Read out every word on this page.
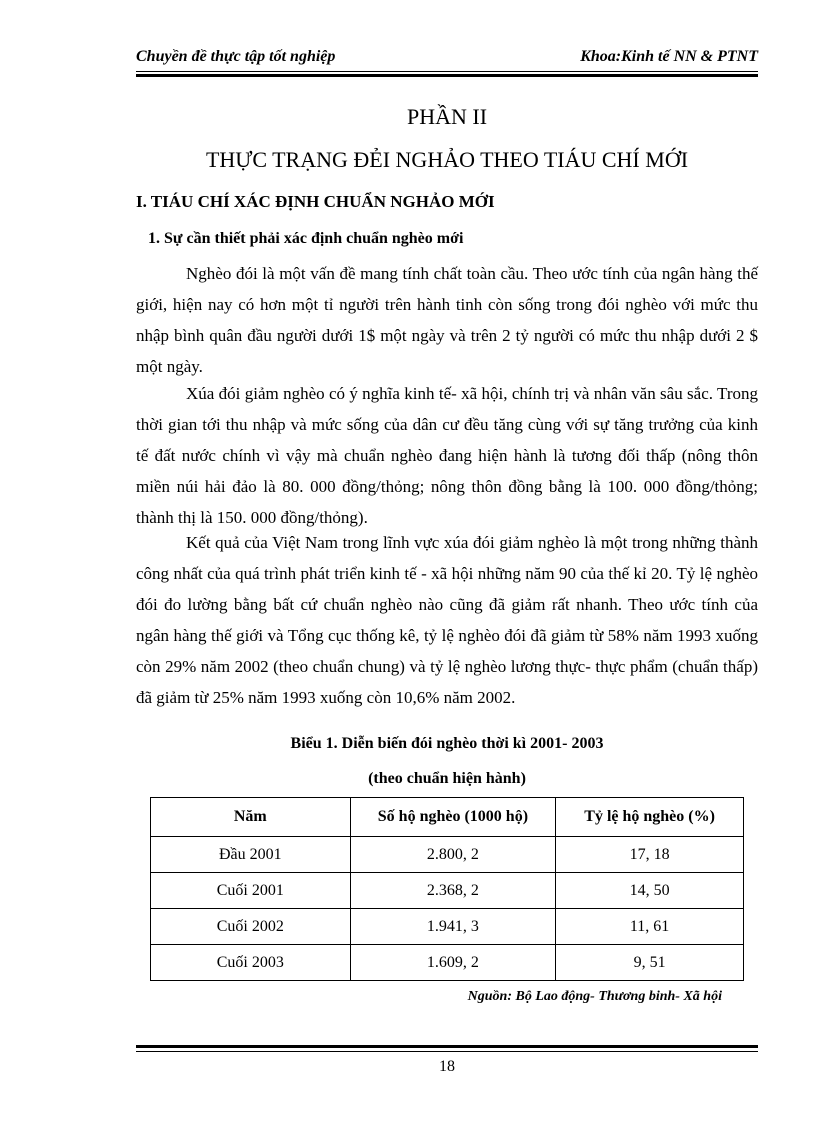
Chuyền đề thực tập tốt nghiệp	Khoa:Kinh tế NN & PTNT
PHẦN II
THỰC TRẠNG ĐẺI NGHẢO THEO TIÁU CHÍ MỚI
I. TIÁU CHÍ XÁC ĐỊNH CHUẨN NGHẢO MỚI
1. Sự cần thiết phải xác định chuẩn nghèo mới

Nghèo đói là một vấn đề mang tính chất toàn cầu. Theo ước tính của ngân hàng thế giới, hiện nay có hơn một tỉ người trên hành tinh còn sống trong đói nghèo với mức thu nhập bình quân đầu người dưới 1$ một ngày và trên 2 tỷ người có mức thu nhập dưới 2 $ một ngày.

Xúa đói giảm nghèo có ý nghĩa kinh tế- xã hội, chính trị và nhân văn sâu sắc. Trong thời gian tới thu nhập và mức sống của dân cư đều tăng cùng với sự tăng trưởng của kinh tế đất nước chính vì vậy mà chuẩn nghèo đang hiện hành là tương đối thấp (nông thôn miền núi hải đảo là 80. 000 đồng/thỏng; nông thôn đồng bằng là 100. 000 đồng/thỏng; thành thị là 150. 000 đồng/thỏng).

Kết quả của Việt Nam trong lĩnh vực xúa đói giảm nghèo là một trong những thành công nhất của quá trình phát triển kinh tế - xã hội những năm 90 của thế kỉ 20. Tỷ lệ nghèo đói đo lường bằng bất cứ chuẩn nghèo nào cũng đã giảm rất nhanh. Theo ước tính của ngân hàng thế giới và Tổng cục thống kê, tỷ lệ nghèo đói đã giảm từ 58% năm 1993 xuống còn 29% năm 2002 (theo chuẩn chung) và tỷ lệ nghèo lương thực- thực phẩm (chuẩn thấp) đã giảm từ 25% năm 1993 xuống còn 10,6% năm 2002.

Biểu 1. Diễn biến đói nghèo thời kì 2001- 2003
(theo chuẩn hiện hành)
Năm	Số hộ nghèo (1000 hộ)	Tỷ lệ hộ nghèo (%)
Đầu 2001	2.800, 2	17, 18
Cuối 2001	2.368, 2	14, 50
Cuối 2002	1.941, 3	11, 61
Cuối 2003	1.609, 2	9, 51
Nguồn: Bộ Lao động- Thương binh- Xã hội
18
